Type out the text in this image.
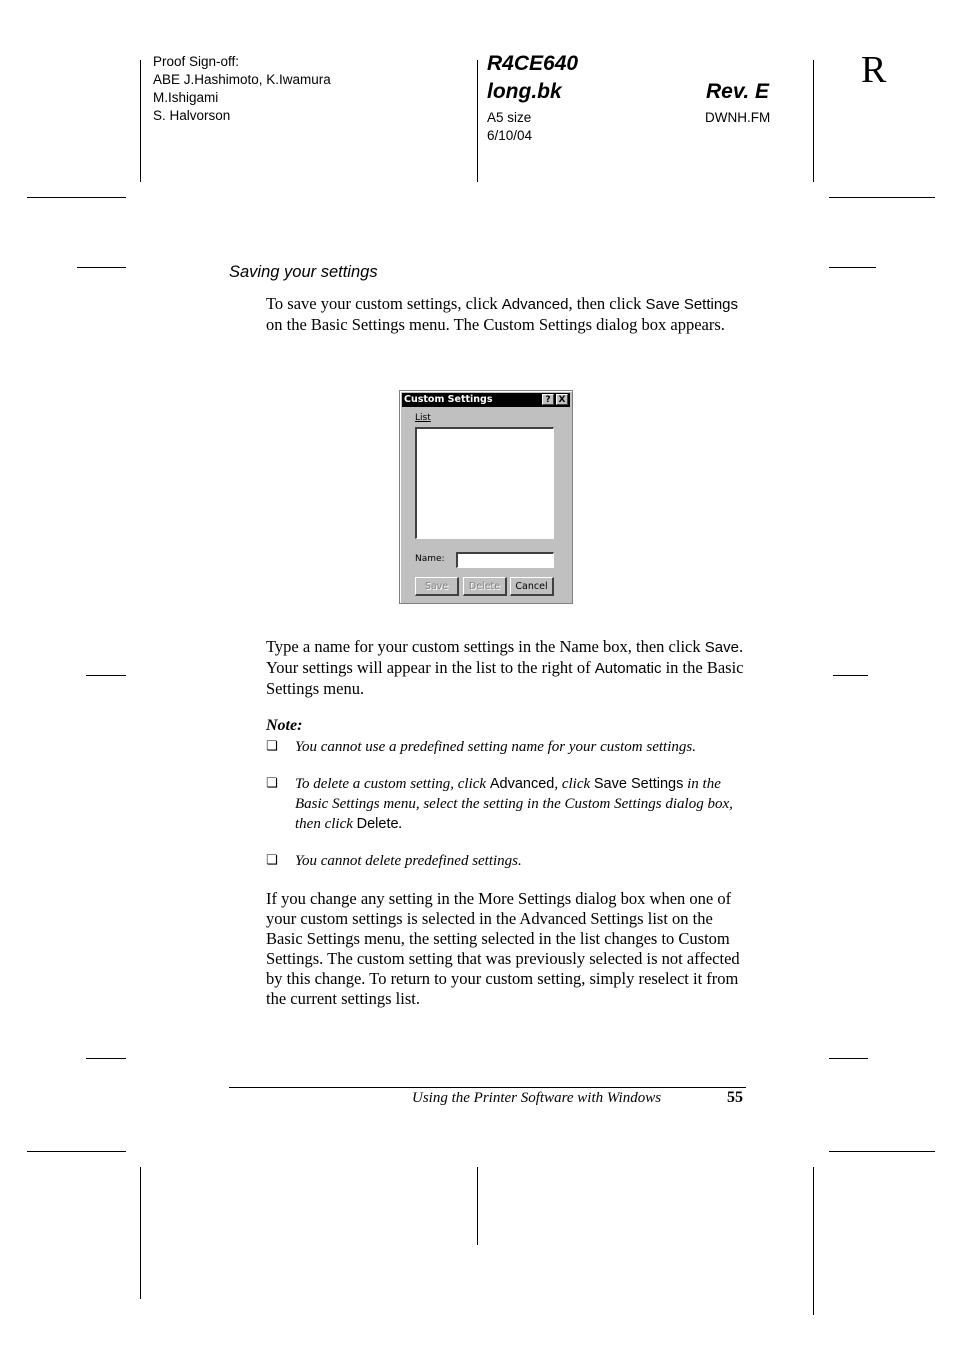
Proof Sign-off:
ABE J.Hashimoto, K.Iwamura
M.Ishigami
S. Halvorson
R4CE640
long.bk	Rev. E
A5 size
6/10/04
DWNH.FM
R
Saving your settings
To save your custom settings, click Advanced, then click Save Settings on the Basic Settings menu. The Custom Settings dialog box appears.
Custom Settings	? X
List
Name:
Save	Delete	Cancel
Type a name for your custom settings in the Name box, then click Save. Your settings will appear in the list to the right of Automatic in the Basic Settings menu.
Note:
❏ You cannot use a predefined setting name for your custom settings.
❏ To delete a custom setting, click Advanced, click Save Settings in the Basic Settings menu, select the setting in the Custom Settings dialog box, then click Delete.
❏ You cannot delete predefined settings.
If you change any setting in the More Settings dialog box when one of your custom settings is selected in the Advanced Settings list on the Basic Settings menu, the setting selected in the list changes to Custom Settings. The custom setting that was previously selected is not affected by this change. To return to your custom setting, simply reselect it from the current settings list.
Using the Printer Software with Windows	55
